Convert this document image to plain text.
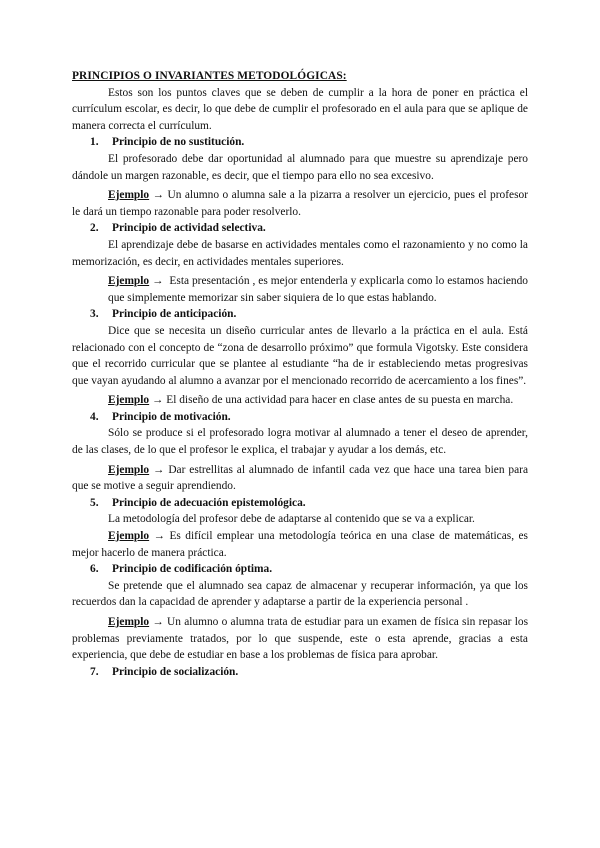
PRINCIPIOS O INVARIANTES METODOLÓGICAS:

Estos son los puntos claves que se deben de cumplir a la hora de poner en práctica el currículum escolar, es decir, lo que debe de cumplir el profesorado en el aula para que se aplique de manera correcta el currículum.

1.	Principio de no sustitución.

El profesorado debe dar oportunidad al alumnado para que muestre su aprendizaje pero dándole un margen razonable, es decir, que el tiempo para ello no sea excesivo.

Ejemplo → Un alumno o alumna sale a la pizarra a resolver un ejercicio, pues el profesor le dará un tiempo razonable para poder resolverlo.

2.	Principio de actividad selectiva.

El aprendizaje debe de basarse en actividades mentales como el razonamiento y no como la memorización, es decir, en actividades mentales superiores.

Ejemplo → Esta presentación , es mejor entenderla y explicarla como lo estamos haciendo que simplemente memorizar sin saber siquiera de lo que estas hablando.

3.	Principio de anticipación.

Dice que se necesita un diseño curricular antes de llevarlo a la práctica en el aula. Está relacionado con el concepto de “zona de desarrollo próximo” que formula Vigotsky. Este considera que el recorrido curricular que se plantee al estudiante “ha de ir estableciendo metas progresivas que vayan ayudando al alumno a avanzar por el mencionado recorrido de acercamiento a los fines”.

Ejemplo → El diseño de una actividad para hacer en clase antes de su puesta en marcha.

4.	Principio de motivación.

Sólo se produce si el profesorado logra motivar al alumnado a tener el deseo de aprender, de las clases, de lo que el profesor le explica, el trabajar y ayudar a los demás, etc.

Ejemplo → Dar estrellitas al alumnado de infantil cada vez que hace una tarea bien para que se motive a seguir aprendiendo.

5.	Principio de adecuación epistemológica.

La metodología del profesor debe de adaptarse al contenido que se va a explicar.

Ejemplo → Es difícil emplear una metodología teórica en una clase de matemáticas, es mejor hacerlo de manera práctica.

6.	Principio de codificación óptima.

Se pretende que el alumnado sea capaz de almacenar y recuperar información, ya que los recuerdos dan la capacidad de aprender y adaptarse a partir de la experiencia personal .

Ejemplo → Un alumno o alumna trata de estudiar para un examen de física sin repasar los problemas previamente tratados, por lo que suspende, este o esta aprende, gracias a esta experiencia, que debe de estudiar en base a los problemas de física para aprobar.

7.	Principio de socialización.
